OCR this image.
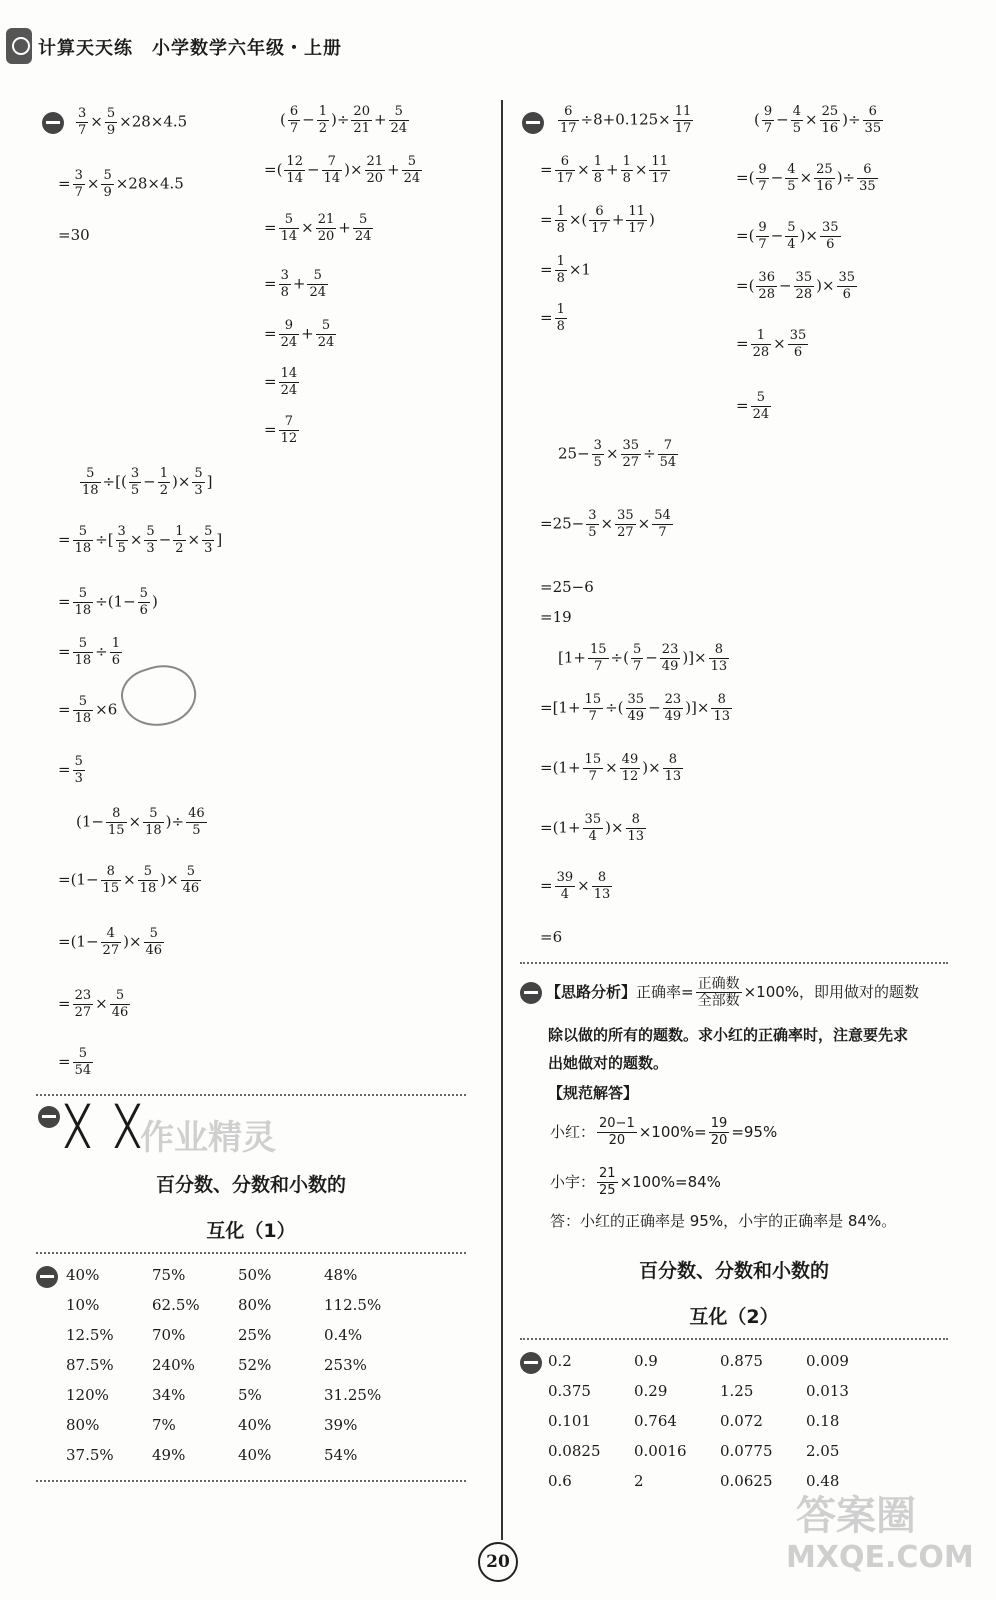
计算天天练　小学数学六年级・上册
$\frac{3}{7} \times \frac{5}{9} \times 28\times 4.5$
= $\frac{3}{7} \times \frac{5}{9} \times 28\times 4.5$
=30
( $\frac{6}{7} - \frac{1}{2}$ )÷ $\frac{20}{21} + \frac{5}{24}$
=( $\frac{12}{14} - \frac{7}{14}$ )× $\frac{21}{20} + \frac{5}{24}$
= $\frac{5}{14} \times \frac{21}{20} + \frac{5}{24}$
= $\frac{3}{8} + \frac{5}{24}$
= $\frac{9}{24} + \frac{5}{24}$
= $\frac{14}{24}$
= $\frac{7}{12}$
$\frac{5}{18}$ ÷[( $\frac{3}{5} - \frac{1}{2}$ )× $\frac{5}{3}$ ]
= $\frac{5}{18}$ ÷[ $\frac{3}{5} \times \frac{5}{3} - \frac{1}{2} \times \frac{5}{3}$ ]
= $\frac{5}{18} \div(1- \frac{5}{6}$ )
= $\frac{5}{18} \div \frac{1}{6}$
= $\frac{5}{18} \times 6$
= $\frac{5}{3}$
($1- \frac{8}{15} \times \frac{5}{18}$ )÷ $\frac{46}{5}$
$=(1- \frac{8}{15} \times \frac{5}{18}$ )× $\frac{5}{46}$
$=(1- \frac{4}{27}$ )× $\frac{5}{46}$
= $\frac{23}{27} \times \frac{5}{46}$
= $\frac{5}{54}$
╳ ╳ 作业精灵
百分数、分数和小数的
互化（1）
40%	75%	50%	48%
10%	62.5%	80%	112.5%
12.5%	70%	25%	0.4%
87.5%	240%	52%	253%
120%	34%	5%	31.25%
80%	7%	40%	39%
37.5%	49%	40%	54%
$\frac{6}{17} \div 8+0.125\times \frac{11}{17}$
= $\frac{6}{17} \times \frac{1}{8} + \frac{1}{8} \times \frac{11}{17}$
= $\frac{1}{8}$ ×( $\frac{6}{17} + \frac{11}{17}$ )
= $\frac{1}{8} \times 1$
= $\frac{1}{8}$
( $\frac{9}{7} - \frac{4}{5} \times \frac{25}{16}$ )÷ $\frac{6}{35}$
=( $\frac{9}{7} - \frac{4}{5} \times \frac{25}{16}$ )÷ $\frac{6}{35}$
=( $\frac{9}{7} - \frac{5}{4}$ )× $\frac{35}{6}$
=( $\frac{36}{28} - \frac{35}{28}$ )× $\frac{35}{6}$
= $\frac{1}{28} \times \frac{35}{6}$
= $\frac{5}{24}$
$25- \frac{3}{5} \times \frac{35}{27} \div \frac{7}{54}$
$=25- \frac{3}{5} \times \frac{35}{27} \times \frac{54}{7}$
=25−6
=19
[$1+ \frac{15}{7}$ ÷( $\frac{5}{7} - \frac{23}{49}$ )]× $\frac{8}{13}$
$=[1+ \frac{15}{7}$ ÷( $\frac{35}{49} - \frac{23}{49}$ )]× $\frac{8}{13}$
$=(1+ \frac{15}{7} \times \frac{49}{12}$ )× $\frac{8}{13}$
$=(1+ \frac{35}{4}$ )× $\frac{8}{13}$
= $\frac{39}{4} \times \frac{8}{13}$
=6
【思路分析】正确率= $\frac{\text{正确数}}{\text{全部数}} \times 100\%$，即用做对的题数
除以做的所有的题数。求小红的正确率时，注意要先求
出她做对的题数。
【规范解答】
小红： $\frac{20-1}{20} \times 100\%= \frac{19}{20} =95\%$
小宇： $\frac{21}{25} \times 100\%=84\%$
答：小红的正确率是 95%，小宇的正确率是 84%。
百分数、分数和小数的
互化（2）
0.2	0.9	0.875	0.009
0.375	0.29	1.25	0.013
0.101	0.764	0.072	0.18
0.0825 0.0016 0.0775 2.05
0.6	2	0.0625 0.48
答案圈
MXQE.COM
20
